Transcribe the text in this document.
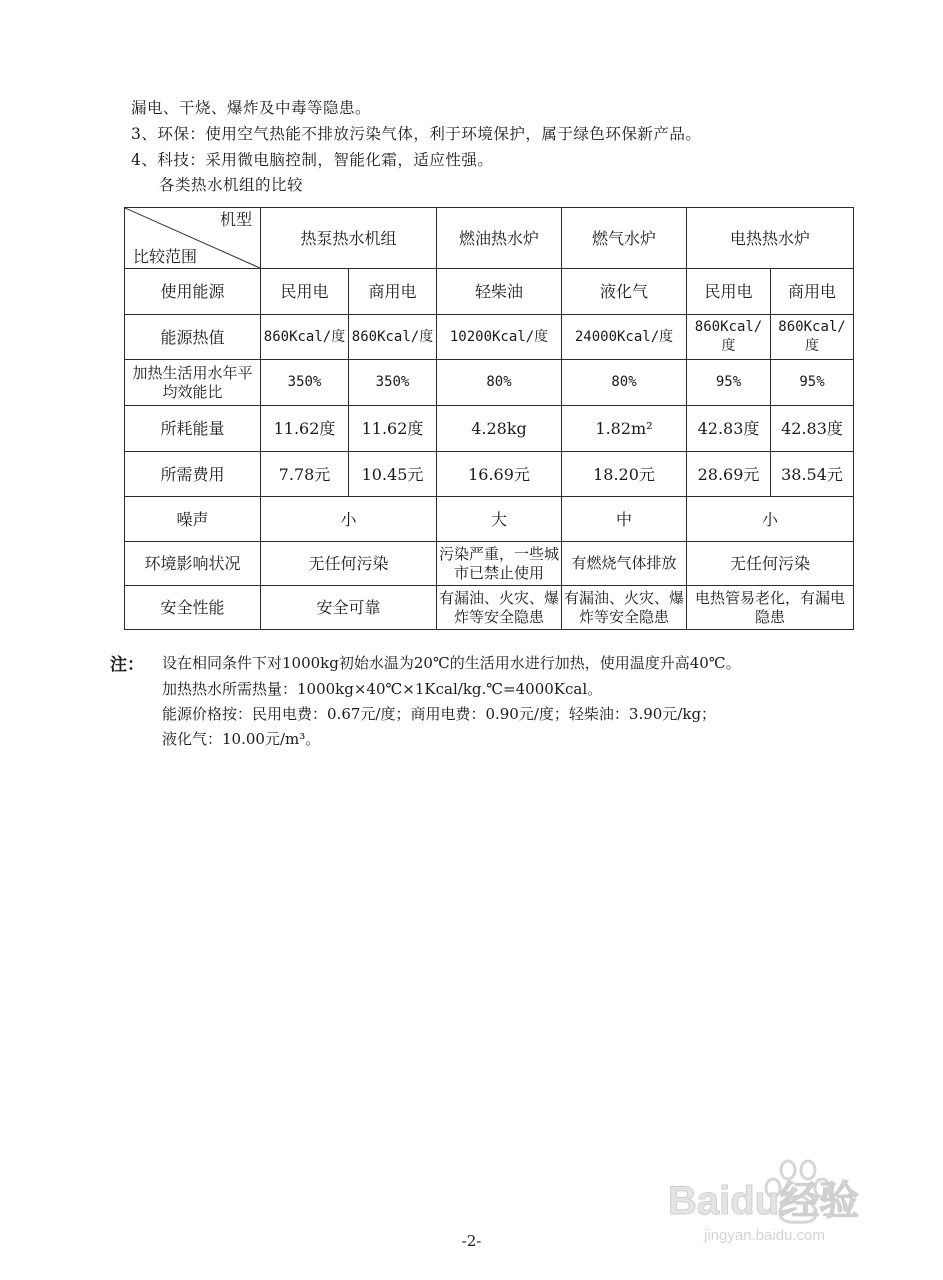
漏电、干烧、爆炸及中毒等隐患。
3、环保：使用空气热能不排放污染气体，利于环境保护，属于绿色环保新产品。
4、科技：采用微电脑控制，智能化霜，适应性强。
各类热水机组的比较
机型
比较范围	热泵热水机组		燃油热水炉	燃气水炉	电热热水炉	
使用能源	民用电	商用电	轻柴油	液化气	民用电	商用电
能源热值	860Kcal/度	860Kcal/度	10200Kcal/度	24000Kcal/度	860Kcal/度	860Kcal/度
加热生活用水年平均效能比	350%	350%	80%	80%	95%	95%
所耗能量	11.62度	11.62度	4.28kg	1.82m²	42.83度	42.83度
所需费用	7.78元	10.45元	16.69元	18.20元	28.69元	38.54元
噪声	小		大	中	小	
环境影响状况	无任何污染		污染严重，一些城市已禁止使用	有燃烧气体排放	无任何污染	
安全性能	安全可靠		有漏油、火灾、爆炸等安全隐患	有漏油、火灾、爆炸等安全隐患	电热管易老化，有漏电隐患	
注： 设在相同条件下对1000kg初始水温为20℃的生活用水进行加热，使用温度升高40℃。
加热热水所需热量：1000kg×40℃×1Kcal/kg.℃=4000Kcal。
能源价格按：民用电费：0.67元/度；商用电费：0.90元/度；轻柴油：3.90元/kg；
液化气：10.00元/m³。
Baidu经验
jingyan.baidu.com
-2-
